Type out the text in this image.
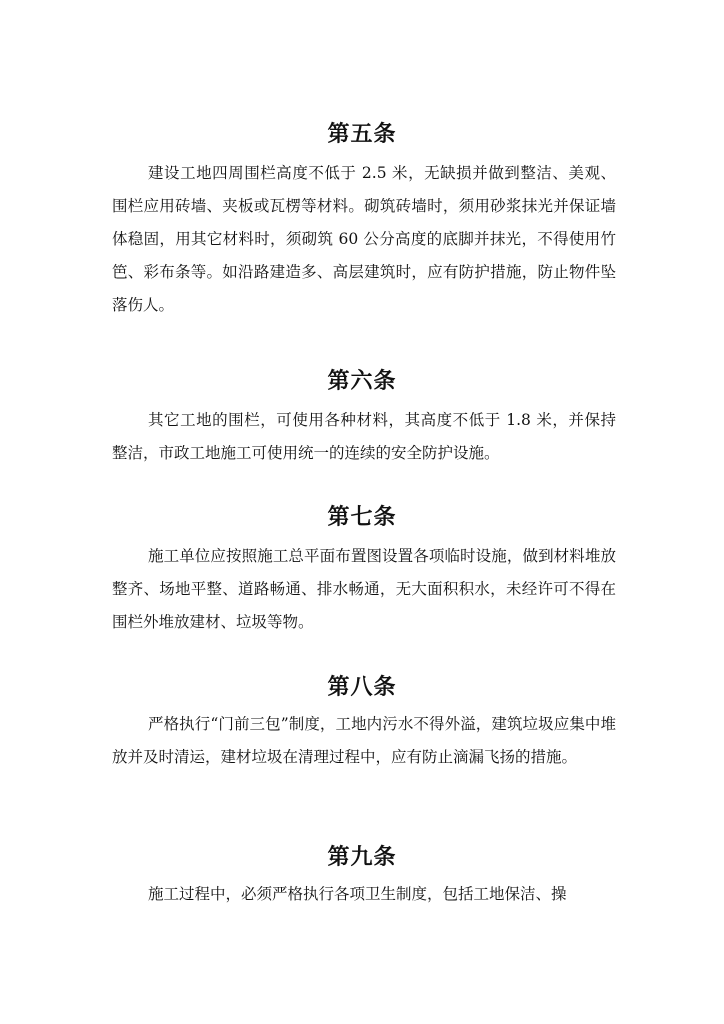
第五条

建设工地四周围栏高度不低于 2.5 米，无缺损并做到整洁、美观、围栏应用砖墙、夹板或瓦楞等材料。砌筑砖墙时，须用砂浆抹光并保证墙体稳固，用其它材料时，须砌筑 60 公分高度的底脚并抹光，不得使用竹笆、彩布条等。如沿路建造多、高层建筑时，应有防护措施，防止物件坠落伤人。

第六条

其它工地的围栏，可使用各种材料，其高度不低于 1.8 米，并保持整洁，市政工地施工可使用统一的连续的安全防护设施。

第七条

施工单位应按照施工总平面布置图设置各项临时设施，做到材料堆放整齐、场地平整、道路畅通、排水畅通，无大面积积水，未经许可不得在围栏外堆放建材、垃圾等物。

第八条

严格执行“门前三包”制度，工地内污水不得外溢，建筑垃圾应集中堆放并及时清运，建材垃圾在清理过程中，应有防止滴漏飞扬的措施。

第九条

施工过程中，必须严格执行各项卫生制度，包括工地保洁、操
